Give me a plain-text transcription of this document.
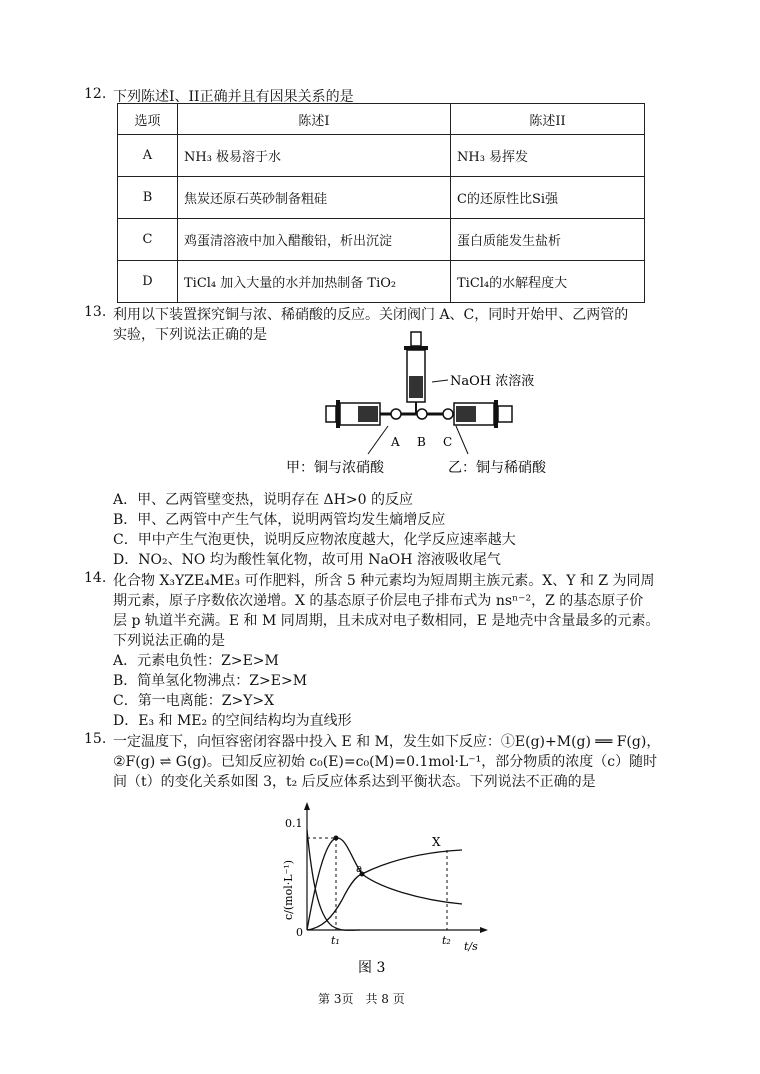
12. 下列陈述I、II正确并且有因果关系的是
选项	陈述I	陈述II
A	NH₃ 极易溶于水	NH₃ 易挥发
B	焦炭还原石英砂制备粗硅	C的还原性比Si强
C	鸡蛋清溶液中加入醋酸铅，析出沉淀	蛋白质能发生盐析
D	TiCl₄ 加入大量的水并加热制备 TiO₂	TiCl₄的水解程度大
13. 利用以下装置探究铜与浓、稀硝酸的反应。关闭阀门 A、C，同时开始甲、乙两管的
实验，下列说法正确的是
NaOH 浓溶液
A B C
甲：铜与浓硝酸	乙：铜与稀硝酸
A．甲、乙两管壁变热，说明存在 ΔH>0 的反应
B．甲、乙两管中产生气体，说明两管均发生熵增反应
C．甲中产生气泡更快，说明反应物浓度越大，化学反应速率越大
D．NO₂、NO 均为酸性氧化物，故可用 NaOH 溶液吸收尾气
14. 化合物 X₃YZE₄ME₃ 可作肥料，所含 5 种元素均为短周期主族元素。X、Y 和 Z 为同周
期元素，原子序数依次递增。X 的基态原子价层电子排布式为 nsⁿ⁻²，Z 的基态原子价
层 p 轨道半充满。E 和 M 同周期，且未成对电子数相同，E 是地壳中含量最多的元素。
下列说法正确的是
A．元素电负性：Z>E>M
B．简单氢化物沸点：Z>E>M
C．第一电离能：Z>Y>X
D．E₃ 和 ME₂ 的空间结构均为直线形
15. 一定温度下，向恒容密闭容器中投入 E 和 M，发生如下反应：①E(g)+M(g) ══ F(g)，
②F(g) ⇌ G(g)。已知反应初始 c₀(E)=c₀(M)=0.1mol·L⁻¹，部分物质的浓度（c）随时
间（t）的变化关系如图 3，t₂ 后反应体系达到平衡状态。下列说法不正确的是
0.1
0
c/(mol·L⁻¹)
t/s
t₁	t₂
a
X
图 3
第 3页　共 8 页
